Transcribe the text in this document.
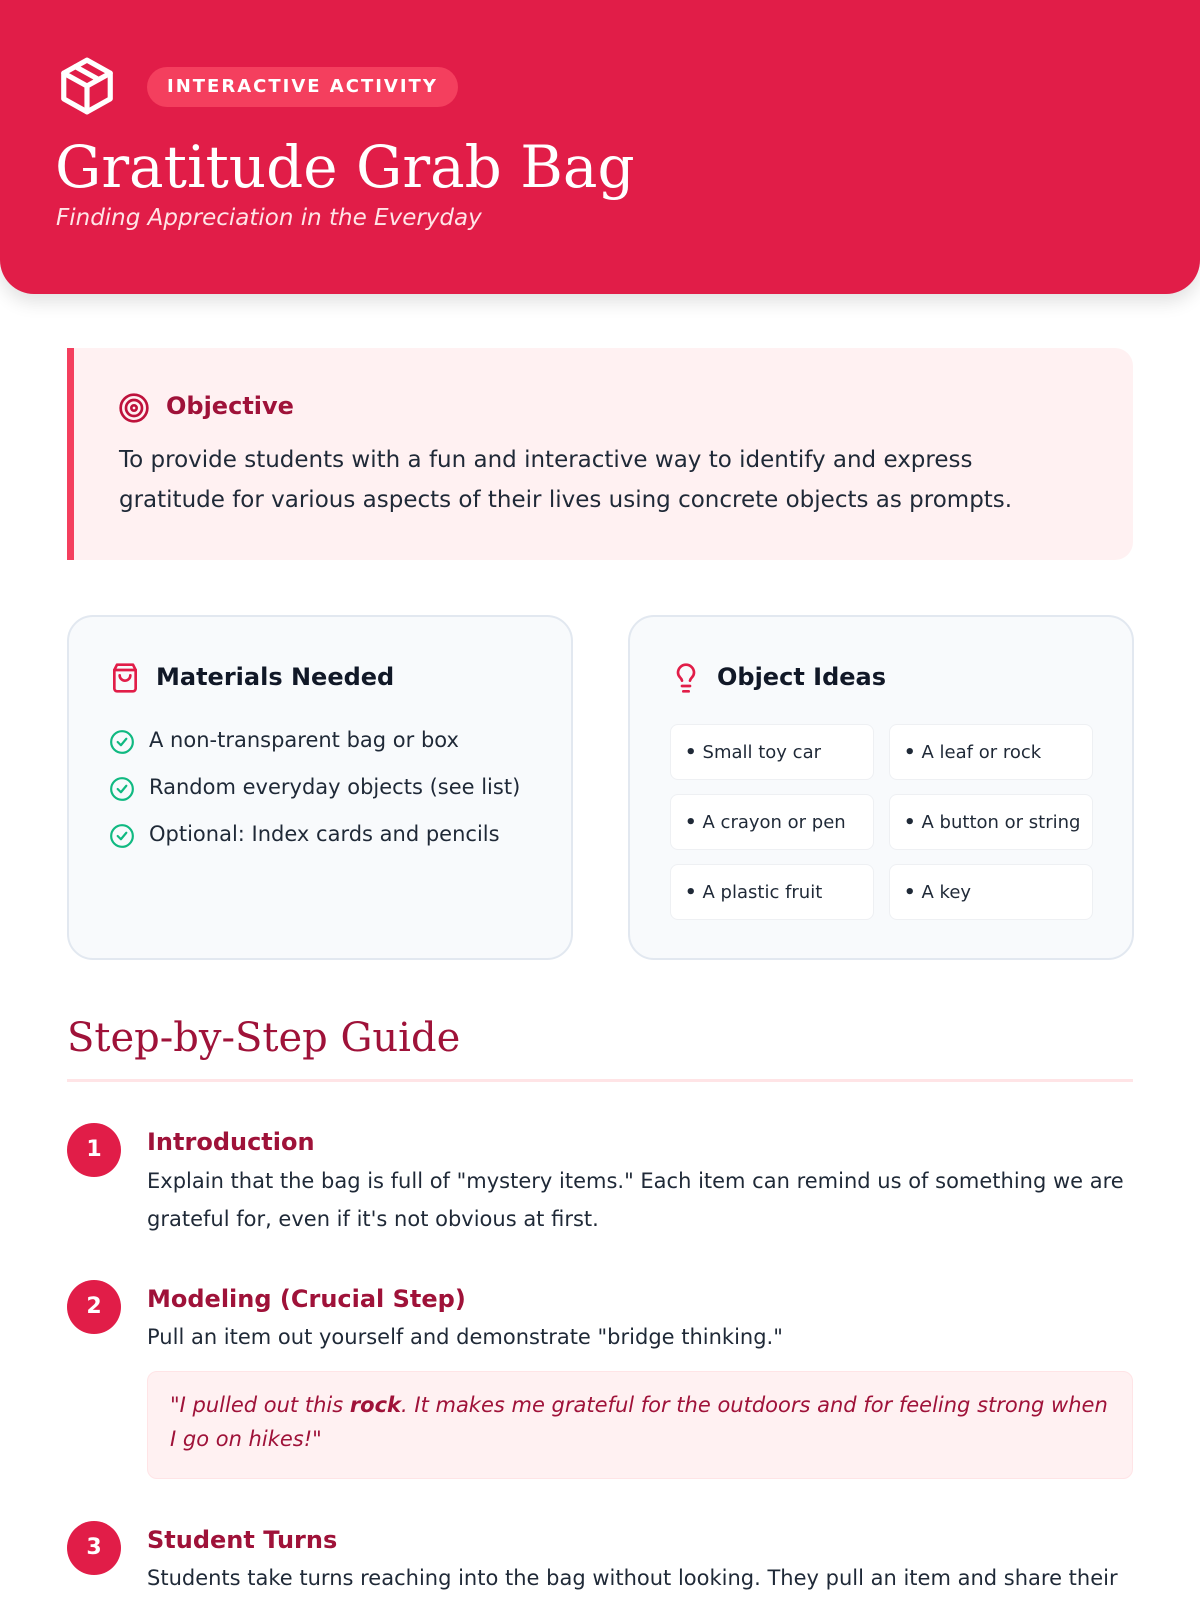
INTERACTIVE ACTIVITY
Gratitude Grab Bag
Finding Appreciation in the Everyday
Objective
To provide students with a fun and interactive way to identify and express gratitude for various aspects of their lives using concrete objects as prompts.
Materials Needed
A non-transparent bag or box
Random everyday objects (see list)
Optional: Index cards and pencils
Object Ideas
• Small toy car	• A leaf or rock
• A crayon or pen	• A button or string
• A plastic fruit	• A key
Step-by-Step Guide
1	Introduction
Explain that the bag is full of "mystery items." Each item can remind us of something we are grateful for, even if it's not obvious at first.
2	Modeling (Crucial Step)
Pull an item out yourself and demonstrate "bridge thinking."
"I pulled out this rock. It makes me grateful for the outdoors and for feeling strong when I go on hikes!"
3	Student Turns
Students take turns reaching into the bag without looking. They pull an item and share their
